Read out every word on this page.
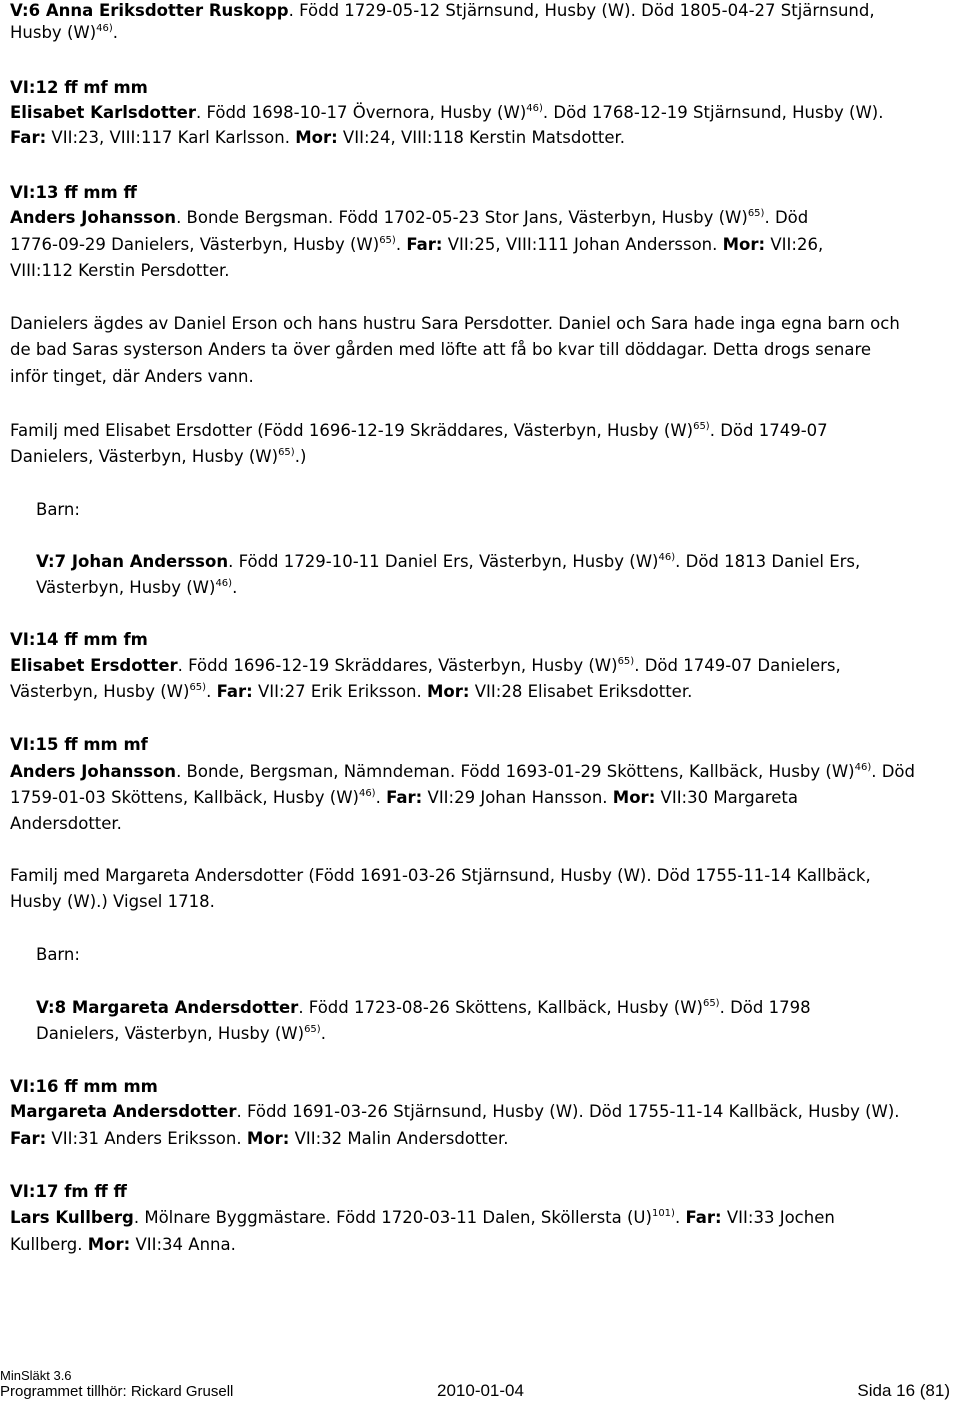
V:6 Anna Eriksdotter Ruskopp. Född 1729-05-12 Stjärnsund, Husby (W). Död 1805-04-27 Stjärnsund,
Husby $(W)^{46)}$.
VI:12 ff mf mm
Elisabet Karlsdotter. Född 1698-10-17 Övernora, Husby $(W)^{46)}$. Död 1768-12-19 Stjärnsund, Husby (W).
Far: VII:23, VIII:117 Karl Karlsson. Mor: VII:24, VIII:118 Kerstin Matsdotter.
VI:13 ff mm ff
Anders Johansson. Bonde Bergsman. Född 1702-05-23 Stor Jans, Västerbyn, Husby $(W)^{65)}$. Död
1776-09-29 Danielers, Västerbyn, Husby $(W)^{65)}$. Far: VII:25, VIII:111 Johan Andersson. Mor: VII:26,
VIII:112 Kerstin Persdotter.
Danielers ägdes av Daniel Erson och hans hustru Sara Persdotter. Daniel och Sara hade inga egna barn och
de bad Saras systerson Anders ta över gården med löfte att få bo kvar till döddagar. Detta drogs senare
inför tinget, där Anders vann.
Familj med Elisabet Ersdotter (Född 1696-12-19 Skräddares, Västerbyn, Husby $(W)^{65)}$. Död 1749-07
Danielers, Västerbyn, Husby $(W)^{65)}$.)
Barn:
V:7 Johan Andersson. Född 1729-10-11 Daniel Ers, Västerbyn, Husby $(W)^{46)}$. Död 1813 Daniel Ers,
Västerbyn, Husby $(W)^{46)}$.
VI:14 ff mm fm
Elisabet Ersdotter. Född 1696-12-19 Skräddares, Västerbyn, Husby $(W)^{65)}$. Död 1749-07 Danielers,
Västerbyn, Husby $(W)^{65)}$. Far: VII:27 Erik Eriksson. Mor: VII:28 Elisabet Eriksdotter.
VI:15 ff mm mf
Anders Johansson. Bonde, Bergsman, Nämndeman. Född 1693-01-29 Sköttens, Kallbäck, Husby $(W)^{46)}$. Död
1759-01-03 Sköttens, Kallbäck, Husby $(W)^{46)}$. Far: VII:29 Johan Hansson. Mor: VII:30 Margareta
Andersdotter.
Familj med Margareta Andersdotter (Född 1691-03-26 Stjärnsund, Husby (W). Död 1755-11-14 Kallbäck,
Husby (W).) Vigsel 1718.
Barn:
V:8 Margareta Andersdotter. Född 1723-08-26 Sköttens, Kallbäck, Husby $(W)^{65)}$. Död 1798
Danielers, Västerbyn, Husby $(W)^{65)}$.
VI:16 ff mm mm
Margareta Andersdotter. Född 1691-03-26 Stjärnsund, Husby (W). Död 1755-11-14 Kallbäck, Husby (W).
Far: VII:31 Anders Eriksson. Mor: VII:32 Malin Andersdotter.
VI:17 fm ff ff
Lars Kullberg. Mölnare Byggmästare. Född 1720-03-11 Dalen, Sköllersta $(U)^{101)}$. Far: VII:33 Jochen
Kullberg. Mor: VII:34 Anna.
MinSläkt 3.6
Programmet tillhör: Rickard Grusell	2010-01-04	Sida 16 (81)
